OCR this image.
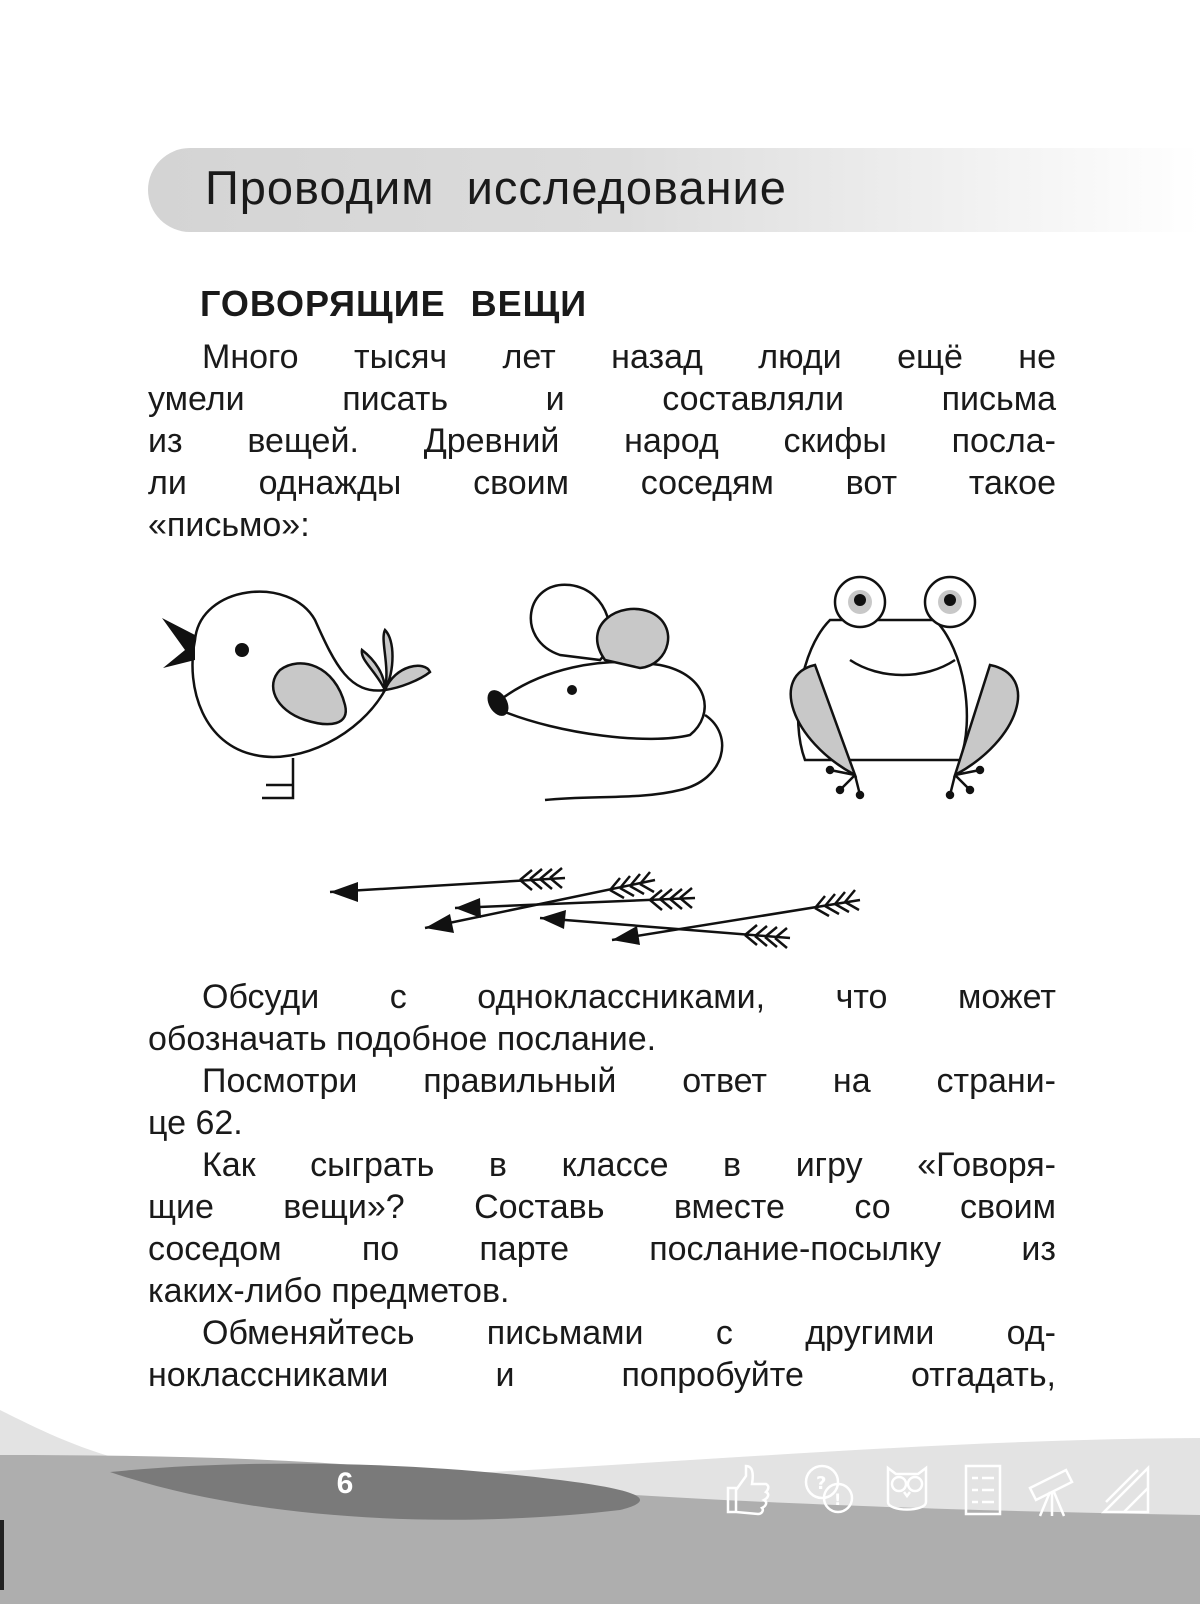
Проводим исследование
ГОВОРЯЩИЕ ВЕЩИ
Много тысяч лет назад люди ещё не
умели писать и составляли письма
из вещей. Древний народ скифы посла-
ли однажды своим соседям вот такое
«письмо»:
Обсуди с одноклассниками, что может
обозначать подобное послание.
Посмотри правильный ответ на страни-
це 62.
Как сыграть в классе в игру «Говоря-
щие вещи»? Составь вместе со своим
соседом по парте послание-посылку из
каких-либо предметов.
Обменяйтесь письмами с другими од-
ноклассниками и попробуйте отгадать,
6	?
!
